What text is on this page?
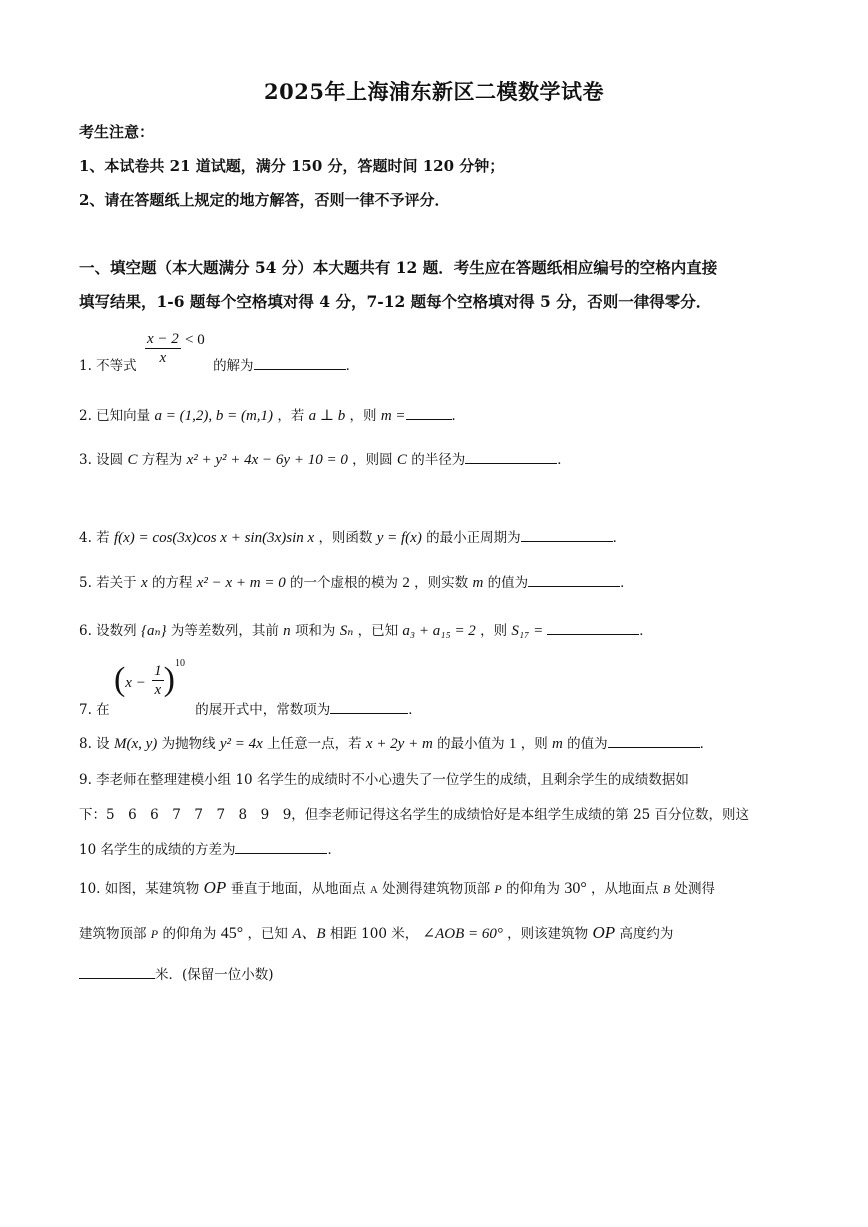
2025年上海浦东新区二模数学试卷
考生注意：
1、本试卷共 21 道试题，满分 150 分，答题时间 120 分钟；
2、请在答题纸上规定的地方解答，否则一律不予评分．
一、填空题（本大题满分 54 分）本大题共有 12 题．考生应在答题纸相应编号的空格内直接
填写结果，1-6 题每个空格填对得 4 分，7-12 题每个空格填对得 5 分，否则一律得零分．
1. 不等式 $\frac{x - 2}{x} < 0$ 的解为	．
2. 已知向量 a = (1,2), b = (m,1) ，若 a ⊥ b ，则 m =	．
3. 设圆 C 方程为 x² + y² + 4x − 6y + 10 = 0 ，则圆 C 的半径为	．
4. 若 f(x) = cos(3x)cos x + sin(3x)sin x ，则函数 y = f(x) 的最小正周期为	．
5. 若关于 x 的方程 x² − x + m = 0 的一个虚根的模为 2 ，则实数 m 的值为	．
6. 设数列 {aₙ} 为等差数列，其前 n 项和为 Sₙ ，已知 a₃ + a₁₅ = 2 ，则 S₁₇ =	．
7. 在 $(x - \frac{1}{x} )^{10}$ 的展开式中，常数项为	．
8. 设 M(x, y) 为抛物线 y² = 4x 上任意一点，若 x + 2y + m 的最小值为 1 ，则 m 的值为	．
9. 李老师在整理建模小组 10 名学生的成绩时不小心遗失了一位学生的成绩，且剩余学生的成绩数据如
下：5　6　6　7　7　7　8　9　9，但李老师记得这名学生的成绩恰好是本组学生成绩的第 25 百分位数，则这
10 名学生的成绩的方差为	．
10. 如图，某建筑物 OP 垂直于地面，从地面点 A 处测得建筑物顶部 P 的仰角为 30° ，从地面点 B 处测得
建筑物顶部 P 的仰角为 45° ，已知 A、B 相距 100 米， ∠AOB = 60° ，则该建筑物 OP 高度约为
米．(保留一位小数)
